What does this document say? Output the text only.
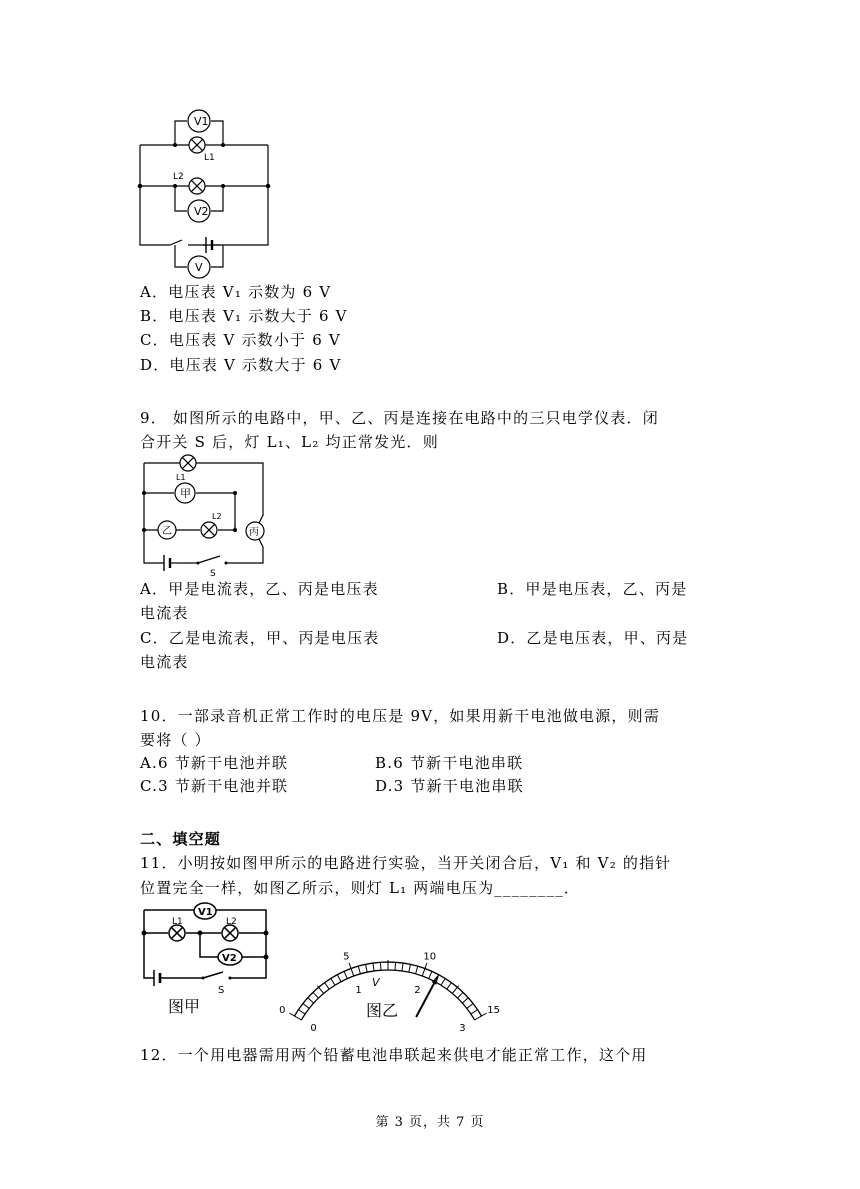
V1
L1
L2
V2
V
A．电压表 V₁ 示数为 6 V
B．电压表 V₁ 示数大于 6 V
C．电压表 V 示数小于 6 V
D．电压表 V 示数大于 6 V
9． 如图所示的电路中，甲、乙、丙是连接在电路中的三只电学仪表．闭
合开关 S 后，灯 L₁、L₂ 均正常发光．则
甲
乙	丙
L1
L2
S
A．甲是电流表，乙、丙是电压表	B．甲是电压表，乙、丙是
电流表
C．乙是电流表，甲、丙是电压表	D．乙是电压表，甲、丙是
电流表
10．一部录音机正常工作时的电压是 9V，如果用新干电池做电源，则需
要将（ ）
A.6 节新干电池并联	B.6 节新干电池串联
C.3 节新干电池并联	D.3 节新干电池串联
二、填空题
11．小明按如图甲所示的电路进行实验，当开关闭合后，V₁ 和 V₂ 的指针
位置完全一样，如图乙所示，则灯 L₁ 两端电压为________．
V1
L1	L2
V2
S
图甲	0
5	10
15
0
1	2
3
V
图乙
12．一个用电器需用两个铅蓄电池串联起来供电才能正常工作，这个用
第 3 页，共 7 页
